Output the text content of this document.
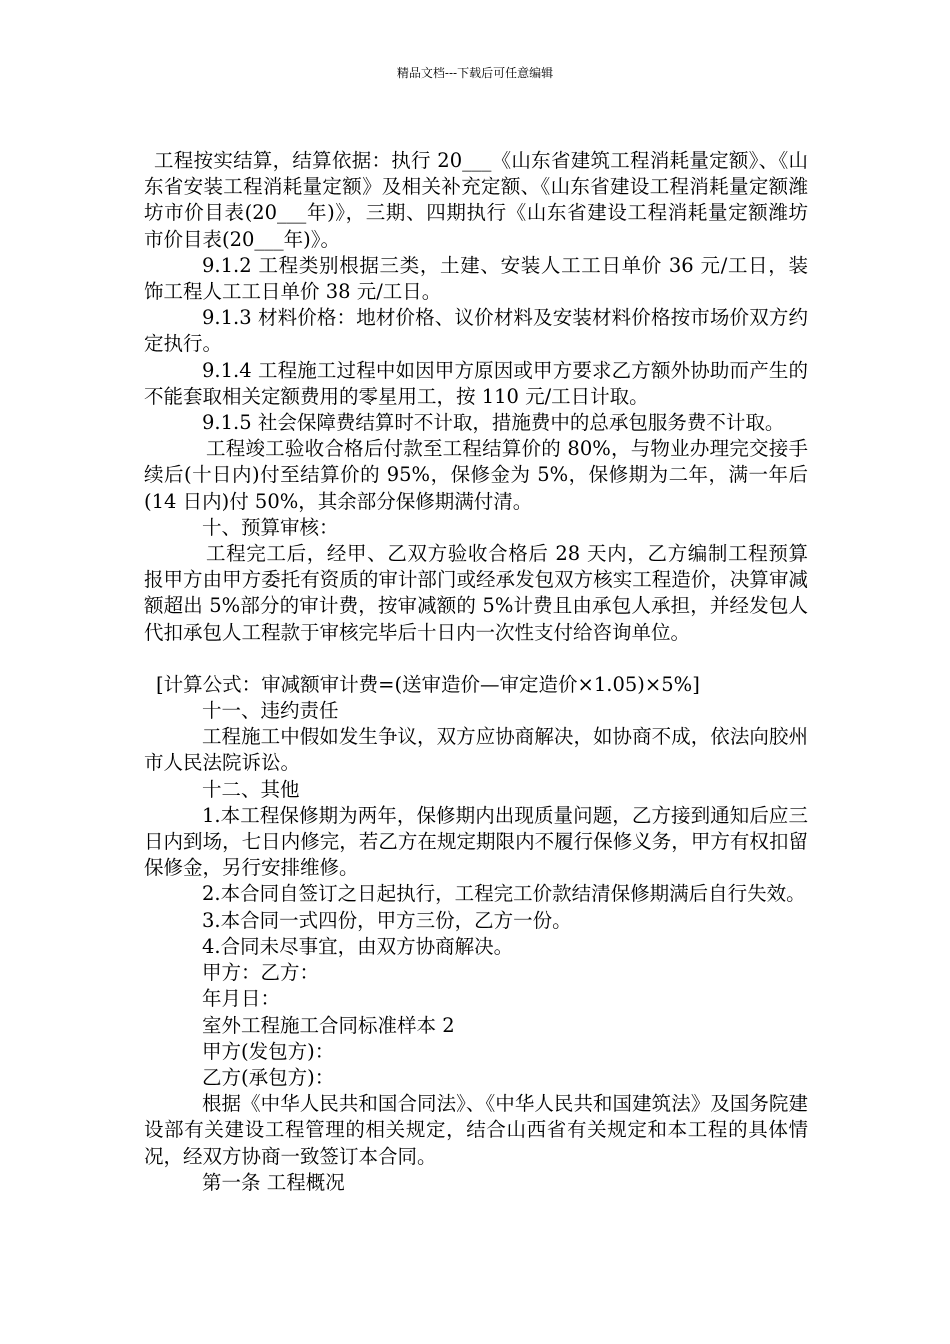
精品文档---下载后可任意编辑

工程按实结算，结算依据：执行 20___《山东省建筑工程消耗量定额》、《山东省安装工程消耗量定额》及相关补充定额、《山东省建设工程消耗量定额潍坊市价目表(20___年)》，三期、四期执行《山东省建设工程消耗量定额潍坊市价目表(20___年)》。

9.1.2 工程类别根据三类，土建、安装人工工日单价 36 元/工日，装饰工程人工工日单价 38 元/工日。

9.1.3 材料价格：地材价格、议价材料及安装材料价格按市场价双方约定执行。

9.1.4 工程施工过程中如因甲方原因或甲方要求乙方额外协助而产生的不能套取相关定额费用的零星用工，按 110 元/工日计取。

9.1.5 社会保障费结算时不计取，措施费中的总承包服务费不计取。

工程竣工验收合格后付款至工程结算价的 80%，与物业办理完交接手续后(十日内)付至结算价的 95%，保修金为 5%，保修期为二年，满一年后(14 日内)付 50%，其余部分保修期满付清。

十、预算审核：

工程完工后，经甲、乙双方验收合格后 28 天内，乙方编制工程预算报甲方由甲方委托有资质的审计部门或经承发包双方核实工程造价，决算审减额超出 5%部分的审计费，按审减额的 5%计费且由承包人承担，并经发包人代扣承包人工程款于审核完毕后十日内一次性支付给咨询单位。

[计算公式：审减额审计费=(送审造价—审定造价×1.05)×5%]

十一、违约责任

工程施工中假如发生争议，双方应协商解决，如协商不成，依法向胶州市人民法院诉讼。

十二、其他

1.本工程保修期为两年，保修期内出现质量问题，乙方接到通知后应三日内到场，七日内修完，若乙方在规定期限内不履行保修义务，甲方有权扣留保修金，另行安排维修。

2.本合同自签订之日起执行，工程完工价款结清保修期满后自行失效。

3.本合同一式四份，甲方三份，乙方一份。

4.合同未尽事宜，由双方协商解决。

甲方：乙方：

年月日：

室外工程施工合同标准样本 2

甲方(发包方)：

乙方(承包方)：

根据《中华人民共和国合同法》、《中华人民共和国建筑法》及国务院建设部有关建设工程管理的相关规定，结合山西省有关规定和本工程的具体情况，经双方协商一致签订本合同。

第一条 工程概况
